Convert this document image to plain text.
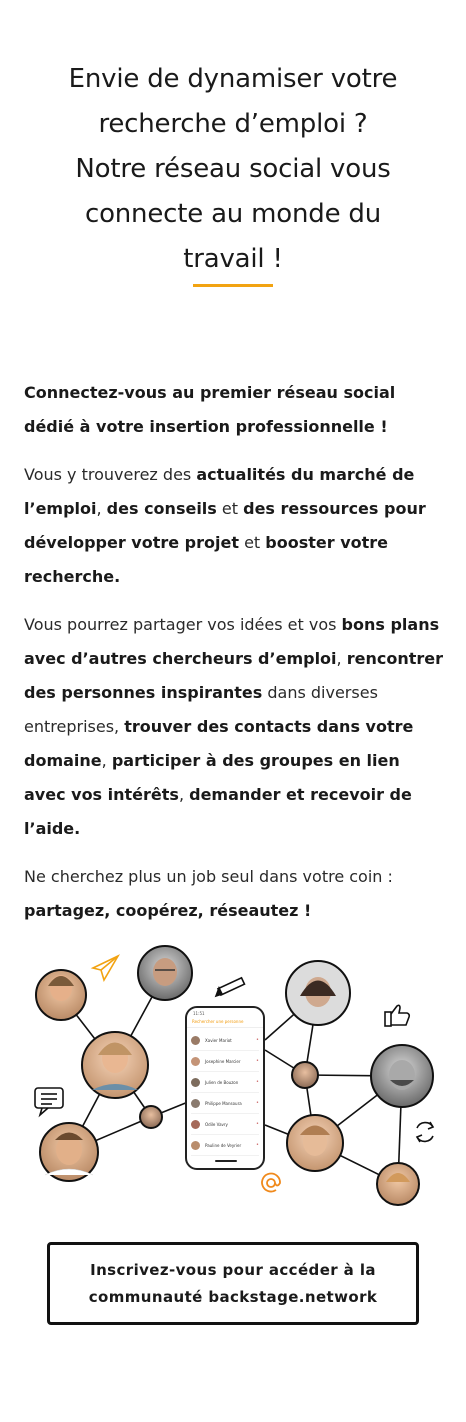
Envie de dynamiser votre
recherche d’emploi ?
Notre réseau social vous
connecte au monde du
travail !

Connectez-vous au premier réseau social dédié à votre insertion professionnelle !

Vous y trouverez des actualités du marché de l’emploi, des conseils et des ressources pour développer votre projet et booster votre recherche.

Vous pourrez partager vos idées et vos bons plans avec d’autres chercheurs d’emploi, rencontrer des personnes inspirantes dans diverses entreprises, trouver des contacts dans votre domaine, participer à des groupes en lien avec vos intérêts, demander et recevoir de l’aide.

Ne cherchez plus un job seul dans votre coin : partagez, coopérez, réseautez !

11:51
Rechercher une personne
Xavier Mariot	•
Josephine Marcier	•
Julien de Bouzon	•
Philippe Mansoura	•
Odile Vavry	•
Pauline de Veyrier	•
Inscrivez-vous pour accéder à la communauté backstage.network
